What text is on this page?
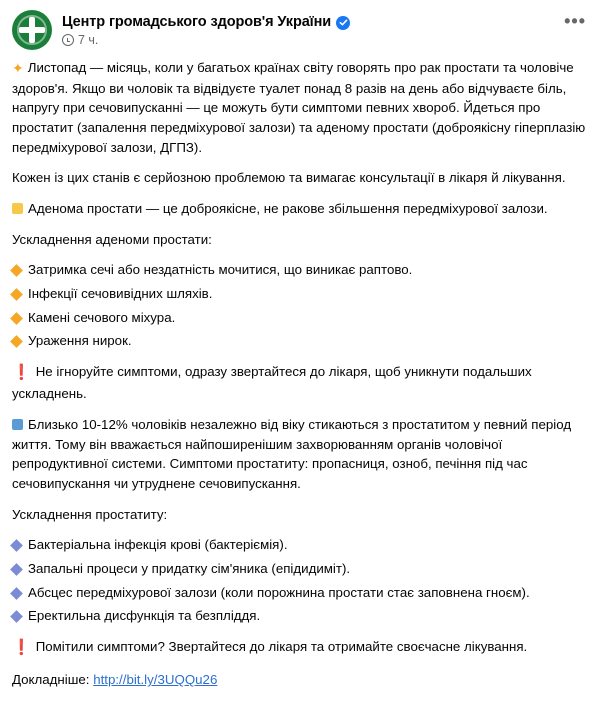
Центр громадського здоров'я України
7 ч.
•••

✦ Листопад — місяць, коли у багатьох країнах світу говорять про рак простати та чоловіче здоров'я. Якщо ви чоловік та відвідуєте туалет понад 8 разів на день або відчуваєте біль, напругу при сечовипусканні — це можуть бути симптоми певних хвороб. Йдеться про простатит (запалення передміхурової залози) та аденому простати (доброякісну гіперплазію передміхурової залози, ДГПЗ).

Кожен із цих станів є серйозною проблемою та вимагає консультації в лікаря й лікування.

Аденома простати — це доброякісне, не ракове збільшення передміхурової залози.

Ускладнення аденоми простати:

Затримка сечі або нездатність мочитися, що виникає раптово.
Інфекції сечовивідних шляхів.
Камені сечового міхура.
Ураження нирок.

❗ Не ігноруйте симптоми, одразу звертайтеся до лікаря, щоб уникнути подальших ускладнень.

Близько 10-12% чоловіків незалежно від віку стикаються з простатитом у певний період життя. Тому він вважається найпоширенішим захворюванням органів чоловічої репродуктивної системи. Симптоми простатиту: пропасниця, озноб, печіння під час сечовипускання чи утруднене сечовипускання.

Ускладнення простатиту:

Бактеріальна інфекція крові (бактеріємія).
Запальні процеси у придатку сім'яника (епідидиміт).
Абсцес передміхурової залози (коли порожнина простати стає заповнена гноєм).
Еректильна дисфункція та безпліддя.

❗ Помітили симптоми? Звертайтеся до лікаря та отримайте своєчасне лікування.

Докладніше: http://bit.ly/3UQQu26
